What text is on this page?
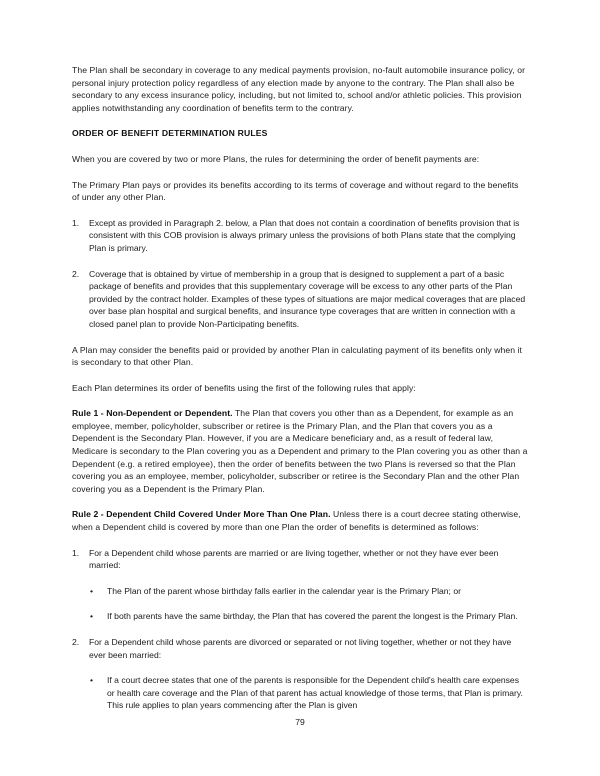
The Plan shall be secondary in coverage to any medical payments provision, no-fault automobile insurance policy, or personal injury protection policy regardless of any election made by anyone to the contrary. The Plan shall also be secondary to any excess insurance policy, including, but not limited to, school and/or athletic policies. This provision applies notwithstanding any coordination of benefits term to the contrary.

ORDER OF BENEFIT DETERMINATION RULES

When you are covered by two or more Plans, the rules for determining the order of benefit payments are:

The Primary Plan pays or provides its benefits according to its terms of coverage and without regard to the benefits of under any other Plan.

1.	Except as provided in Paragraph 2. below, a Plan that does not contain a coordination of benefits provision that is consistent with this COB provision is always primary unless the provisions of both Plans state that the complying Plan is primary.
2.	Coverage that is obtained by virtue of membership in a group that is designed to supplement a part of a basic package of benefits and provides that this supplementary coverage will be excess to any other parts of the Plan provided by the contract holder. Examples of these types of situations are major medical coverages that are placed over base plan hospital and surgical benefits, and insurance type coverages that are written in connection with a closed panel plan to provide Non-Participating benefits.

A Plan may consider the benefits paid or provided by another Plan in calculating payment of its benefits only when it is secondary to that other Plan.

Each Plan determines its order of benefits using the first of the following rules that apply:

Rule 1 - Non-Dependent or Dependent. The Plan that covers you other than as a Dependent, for example as an employee, member, policyholder, subscriber or retiree is the Primary Plan, and the Plan that covers you as a Dependent is the Secondary Plan. However, if you are a Medicare beneficiary and, as a result of federal law, Medicare is secondary to the Plan covering you as a Dependent and primary to the Plan covering you as other than a Dependent (e.g. a retired employee), then the order of benefits between the two Plans is reversed so that the Plan covering you as an employee, member, policyholder, subscriber or retiree is the Secondary Plan and the other Plan covering you as a Dependent is the Primary Plan.

Rule 2 - Dependent Child Covered Under More Than One Plan. Unless there is a court decree stating otherwise, when a Dependent child is covered by more than one Plan the order of benefits is determined as follows:

1.	For a Dependent child whose parents are married or are living together, whether or not they have ever been married:
• The Plan of the parent whose birthday falls earlier in the calendar year is the Primary Plan; or
• If both parents have the same birthday, the Plan that has covered the parent the longest is the Primary Plan.
2.	For a Dependent child whose parents are divorced or separated or not living together, whether or not they have ever been married:
• If a court decree states that one of the parents is responsible for the Dependent child's health care expenses or health care coverage and the Plan of that parent has actual knowledge of those terms, that Plan is primary. This rule applies to plan years commencing after the Plan is given
79
